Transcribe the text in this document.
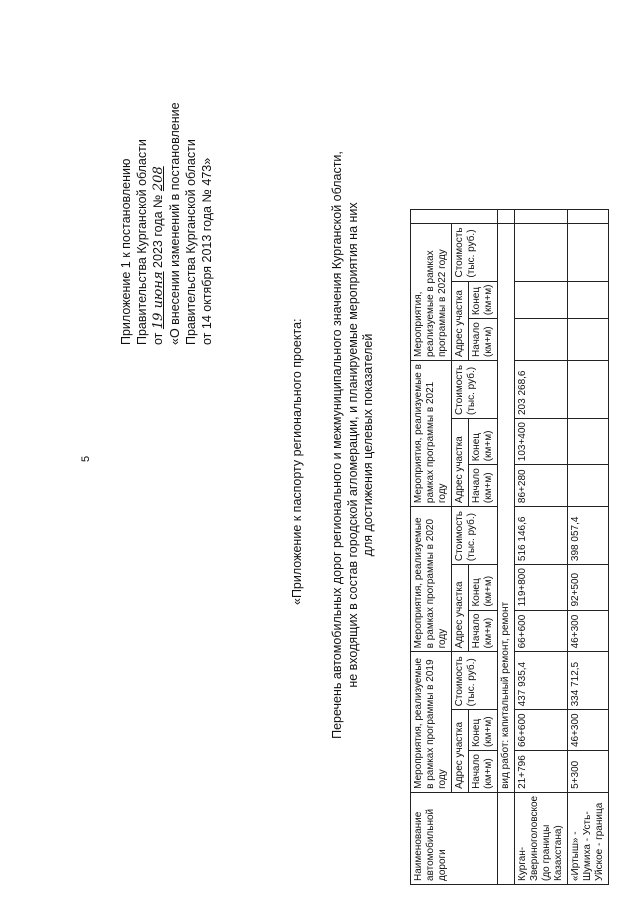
5
Приложение 1 к постановлению Правительства Курганской области от 19 июня 2023 года № 208 «О внесении изменений в постановление Правительства Курганской области от 14 октября 2013 года № 473»
«Приложение к паспорту регионального проекта: Перечень автомобильных дорог регионального и межмуниципального значения Курганской области, не входящих в состав городской агломерации, и планируемые мероприятия на них для достижения целевых показателей
Наименование автомобильной дороги	Мероприятия, реализуемые в рамках программы в 2019 году			Мероприятия, реализуемые в рамках программы в 2020 году			Мероприятия, реализуемые в рамках программы в 2021 году			Мероприятия, реализуемые в рамках программы в 2022 году			
	Адрес участка		Стоимость (тыс. руб.)	Адрес участка		Стоимость (тыс. руб.)	Адрес участка		Стоимость (тыс. руб.)	Адрес участка		Стоимость (тыс. руб.)	
	Начало (км+м)	Конец (км+м)		Начало (км+м)	Конец (км+м)		Начало (км+м)	Конец (км+м)		Начало (км+м)	Конец (км+м)		
	вид работ: капитальный ремонт, ремонт												
Курган-Звериноголовское (до границы Казахстана)	21+796	66+600	437 935,4	66+600	119+800	516 146,6	86+280	103+400	203 268,6				
«Иртыш» - Шумиха - Усть-Уйское - граница	5+300	46+300	334 712,5	46+300	92+500	398 057,4							
